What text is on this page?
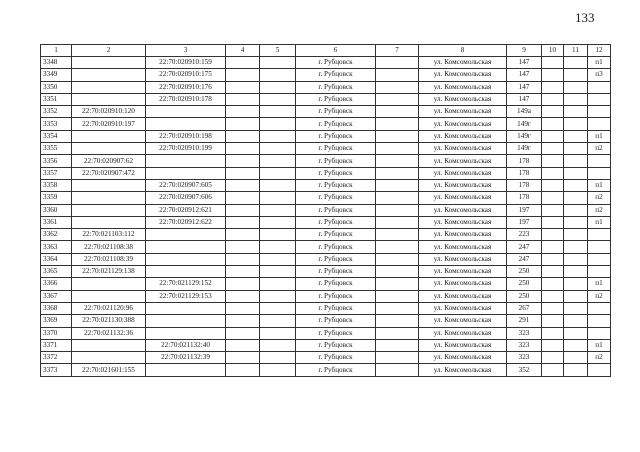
133
1	2	3	4	5	6	7	8	9	10	11	12
3348		22:70:020910:159			г. Рубцовск		ул. Комсомольская	147			п1
3349		22:70:020910:175			г. Рубцовск		ул. Комсомольская	147			п3
3350		22:70:020910:176			г. Рубцовск		ул. Комсомольская	147			
3351		22:70:020910:178			г. Рубцовск		ул. Комсомольская	147			
3352	22:70:020910:120				г. Рубцовск		ул. Комсомольская	149а			
3353	22:70:020910:197				г. Рубцовск		ул. Комсомольская	149г			
3354		22:70:020910:198			г. Рубцовск		ул. Комсомольская	149г			п1
3355		22:70:020910:199			г. Рубцовск		ул. Комсомольская	149г			п2
3356	22:70:020907:62				г. Рубцовск		ул. Комсомольская	178			
3357	22:70:020907:472				г. Рубцовск		ул. Комсомольская	178			
3358		22:70:020907:605			г. Рубцовск		ул. Комсомольская	178			п1
3359		22:70:020907:606			г. Рубцовск		ул. Комсомольская	178			п2
3360		22:70:020912:621			г. Рубцовск		ул. Комсомольская	197			п2
3361		22:70:020912:622			г. Рубцовск		ул. Комсомольская	197			п1
3362	22:70:021103:112				г. Рубцовск		ул. Комсомольская	223			
3363	22:70:021108:38				г. Рубцовск		ул. Комсомольская	247			
3364	22:70:021108:39				г. Рубцовск		ул. Комсомольская	247			
3365	22:70:021129:138				г. Рубцовск		ул. Комсомольская	250			
3366		22:70:021129:152			г. Рубцовск		ул. Комсомольская	250			п1
3367		22:70:021129:153			г. Рубцовск		ул. Комсомольская	250			п2
3368	22:70:021120:96				г. Рубцовск		ул. Комсомольская	267			
3369	22:70:021130:388				г. Рубцовск		ул. Комсомольская	291			
3370	22:70:021132:36				г. Рубцовск		ул. Комсомольская	323			
3371		22:70:021132:40			г. Рубцовск		ул. Комсомольская	323			п1
3372		22:70:021132:39			г. Рубцовск		ул. Комсомольская	323			п2
3373	22:70:021601:155				г. Рубцовск		ул. Комсомольская	352			
